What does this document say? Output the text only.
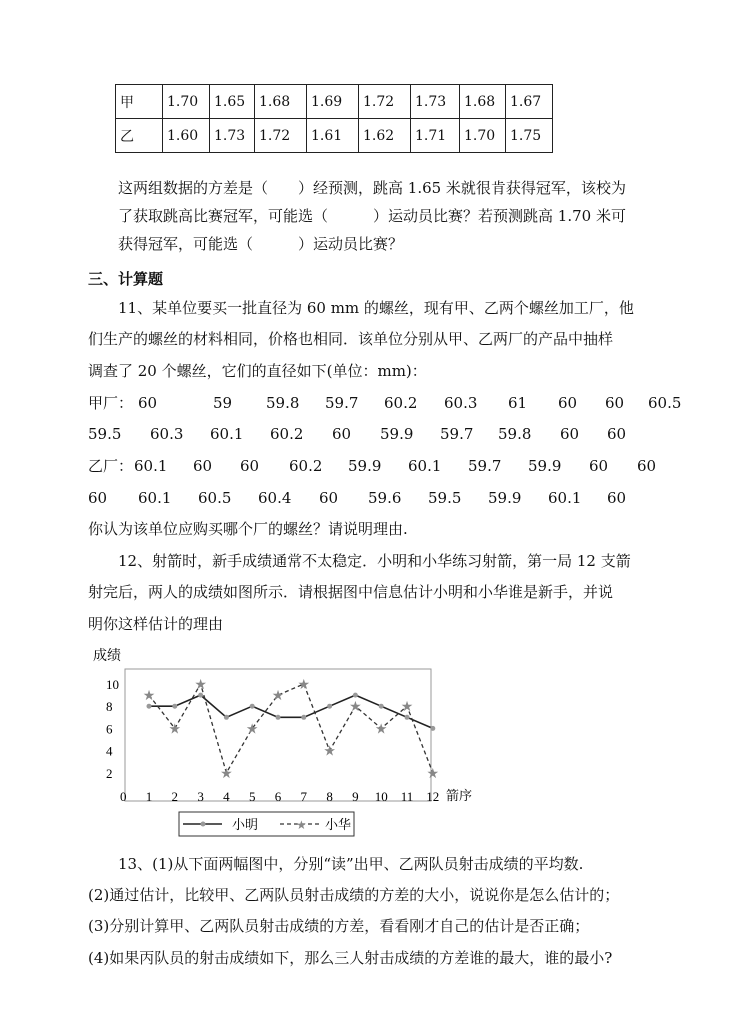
甲	1.70	1.65	1.68	1.69	1.72	1.73	1.68	1.67
乙	1.60	1.73	1.72	1.61	1.62	1.71	1.70	1.75
这两组数据的方差是（　　）经预测，跳高 1.65 米就很肯获得冠军，该校为
了获取跳高比赛冠军，可能选（　　　）运动员比赛？若预测跳高 1.70 米可
获得冠军，可能选（　　　）运动员比赛？
三、计算题
11、某单位要买一批直径为 60 mm 的螺丝，现有甲、乙两个螺丝加工厂，他
们生产的螺丝的材料相同，价格也相同．该单位分别从甲、乙两厂的产品中抽样
调查了 20 个螺丝，它们的直径如下(单位：mm)：
甲厂： 60	59 59.8 59.7 60.2 60.3 61 60 60 60.5
59.5 60.3 60.1 60.2 60 59.9 59.7 59.8 60 60
乙厂： 60.1 60 60 60.2 59.9 60.1 59.7 59.9 60 60
60 60.1 60.5 60.4 60 59.6 59.5 59.9 60.1 60
你认为该单位应购买哪个厂的螺丝？请说明理由.
12、射箭时，新手成绩通常不太稳定．小明和小华练习射箭，第一局 12 支箭
射完后，两人的成绩如图所示．请根据图中信息估计小明和小华谁是新手，并说
明你这样估计的理由
成绩
0	箭序
2
4
6
8
10
1 2 3 4 5 6 7 8 9 10 11 12
★
★
★
★
★
★
★
★
★
★
★
★
小明	★ 小华
13、(1)从下面两幅图中，分别“读”出甲、乙两队员射击成绩的平均数.
(2)通过估计，比较甲、乙两队员射击成绩的方差的大小，说说你是怎么估计的；
(3)分别计算甲、乙两队员射击成绩的方差，看看刚才自己的估计是否正确；
(4)如果丙队员的射击成绩如下，那么三人射击成绩的方差谁的最大，谁的最小?
